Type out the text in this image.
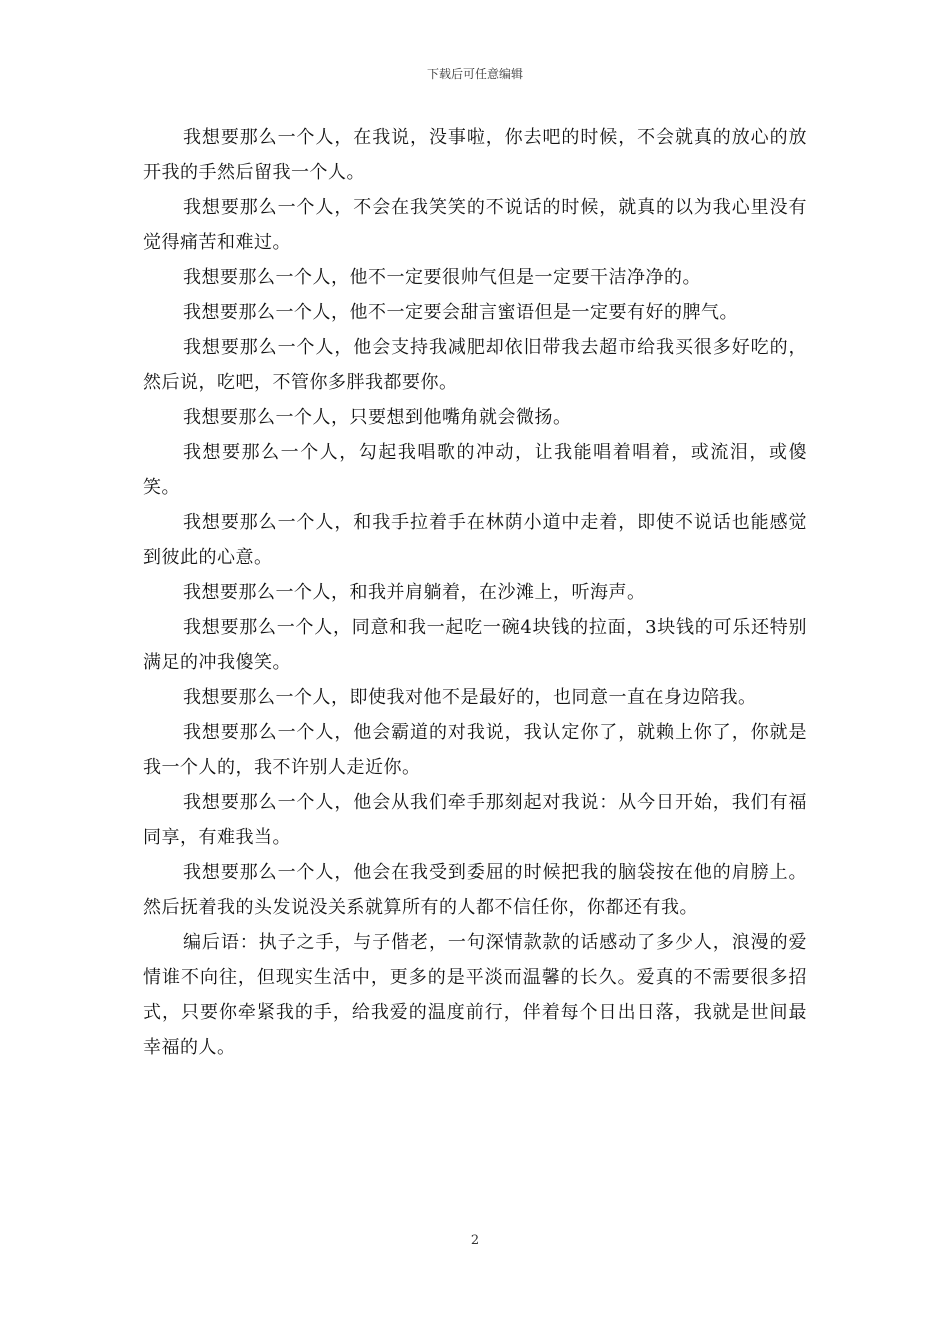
下载后可任意编辑

我想要那么一个人，在我说，没事啦，你去吧的时候，不会就真的放心的放开我的手然后留我一个人。

我想要那么一个人，不会在我笑笑的不说话的时候，就真的以为我心里没有觉得痛苦和难过。

我想要那么一个人，他不一定要很帅气但是一定要干洁净净的。

我想要那么一个人，他不一定要会甜言蜜语但是一定要有好的脾气。

我想要那么一个人，他会支持我减肥却依旧带我去超市给我买很多好吃的，然后说，吃吧，不管你多胖我都要你。

我想要那么一个人，只要想到他嘴角就会微扬。

我想要那么一个人，勾起我唱歌的冲动，让我能唱着唱着，或流泪，或傻笑。

我想要那么一个人，和我手拉着手在林荫小道中走着，即使不说话也能感觉到彼此的心意。

我想要那么一个人，和我并肩躺着，在沙滩上，听海声。

我想要那么一个人，同意和我一起吃一碗4块钱的拉面，3块钱的可乐还特别满足的冲我傻笑。

我想要那么一个人，即使我对他不是最好的，也同意一直在身边陪我。

我想要那么一个人，他会霸道的对我说，我认定你了，就赖上你了，你就是我一个人的，我不许别人走近你。

我想要那么一个人，他会从我们牵手那刻起对我说：从今日开始，我们有福同享，有难我当。

我想要那么一个人，他会在我受到委屈的时候把我的脑袋按在他的肩膀上。然后抚着我的头发说没关系就算所有的人都不信任你，你都还有我。

编后语：执子之手，与子偕老，一句深情款款的话感动了多少人，浪漫的爱情谁不向往，但现实生活中，更多的是平淡而温馨的长久。爱真的不需要很多招式，只要你牵紧我的手，给我爱的温度前行，伴着每个日出日落，我就是世间最幸福的人。

2
